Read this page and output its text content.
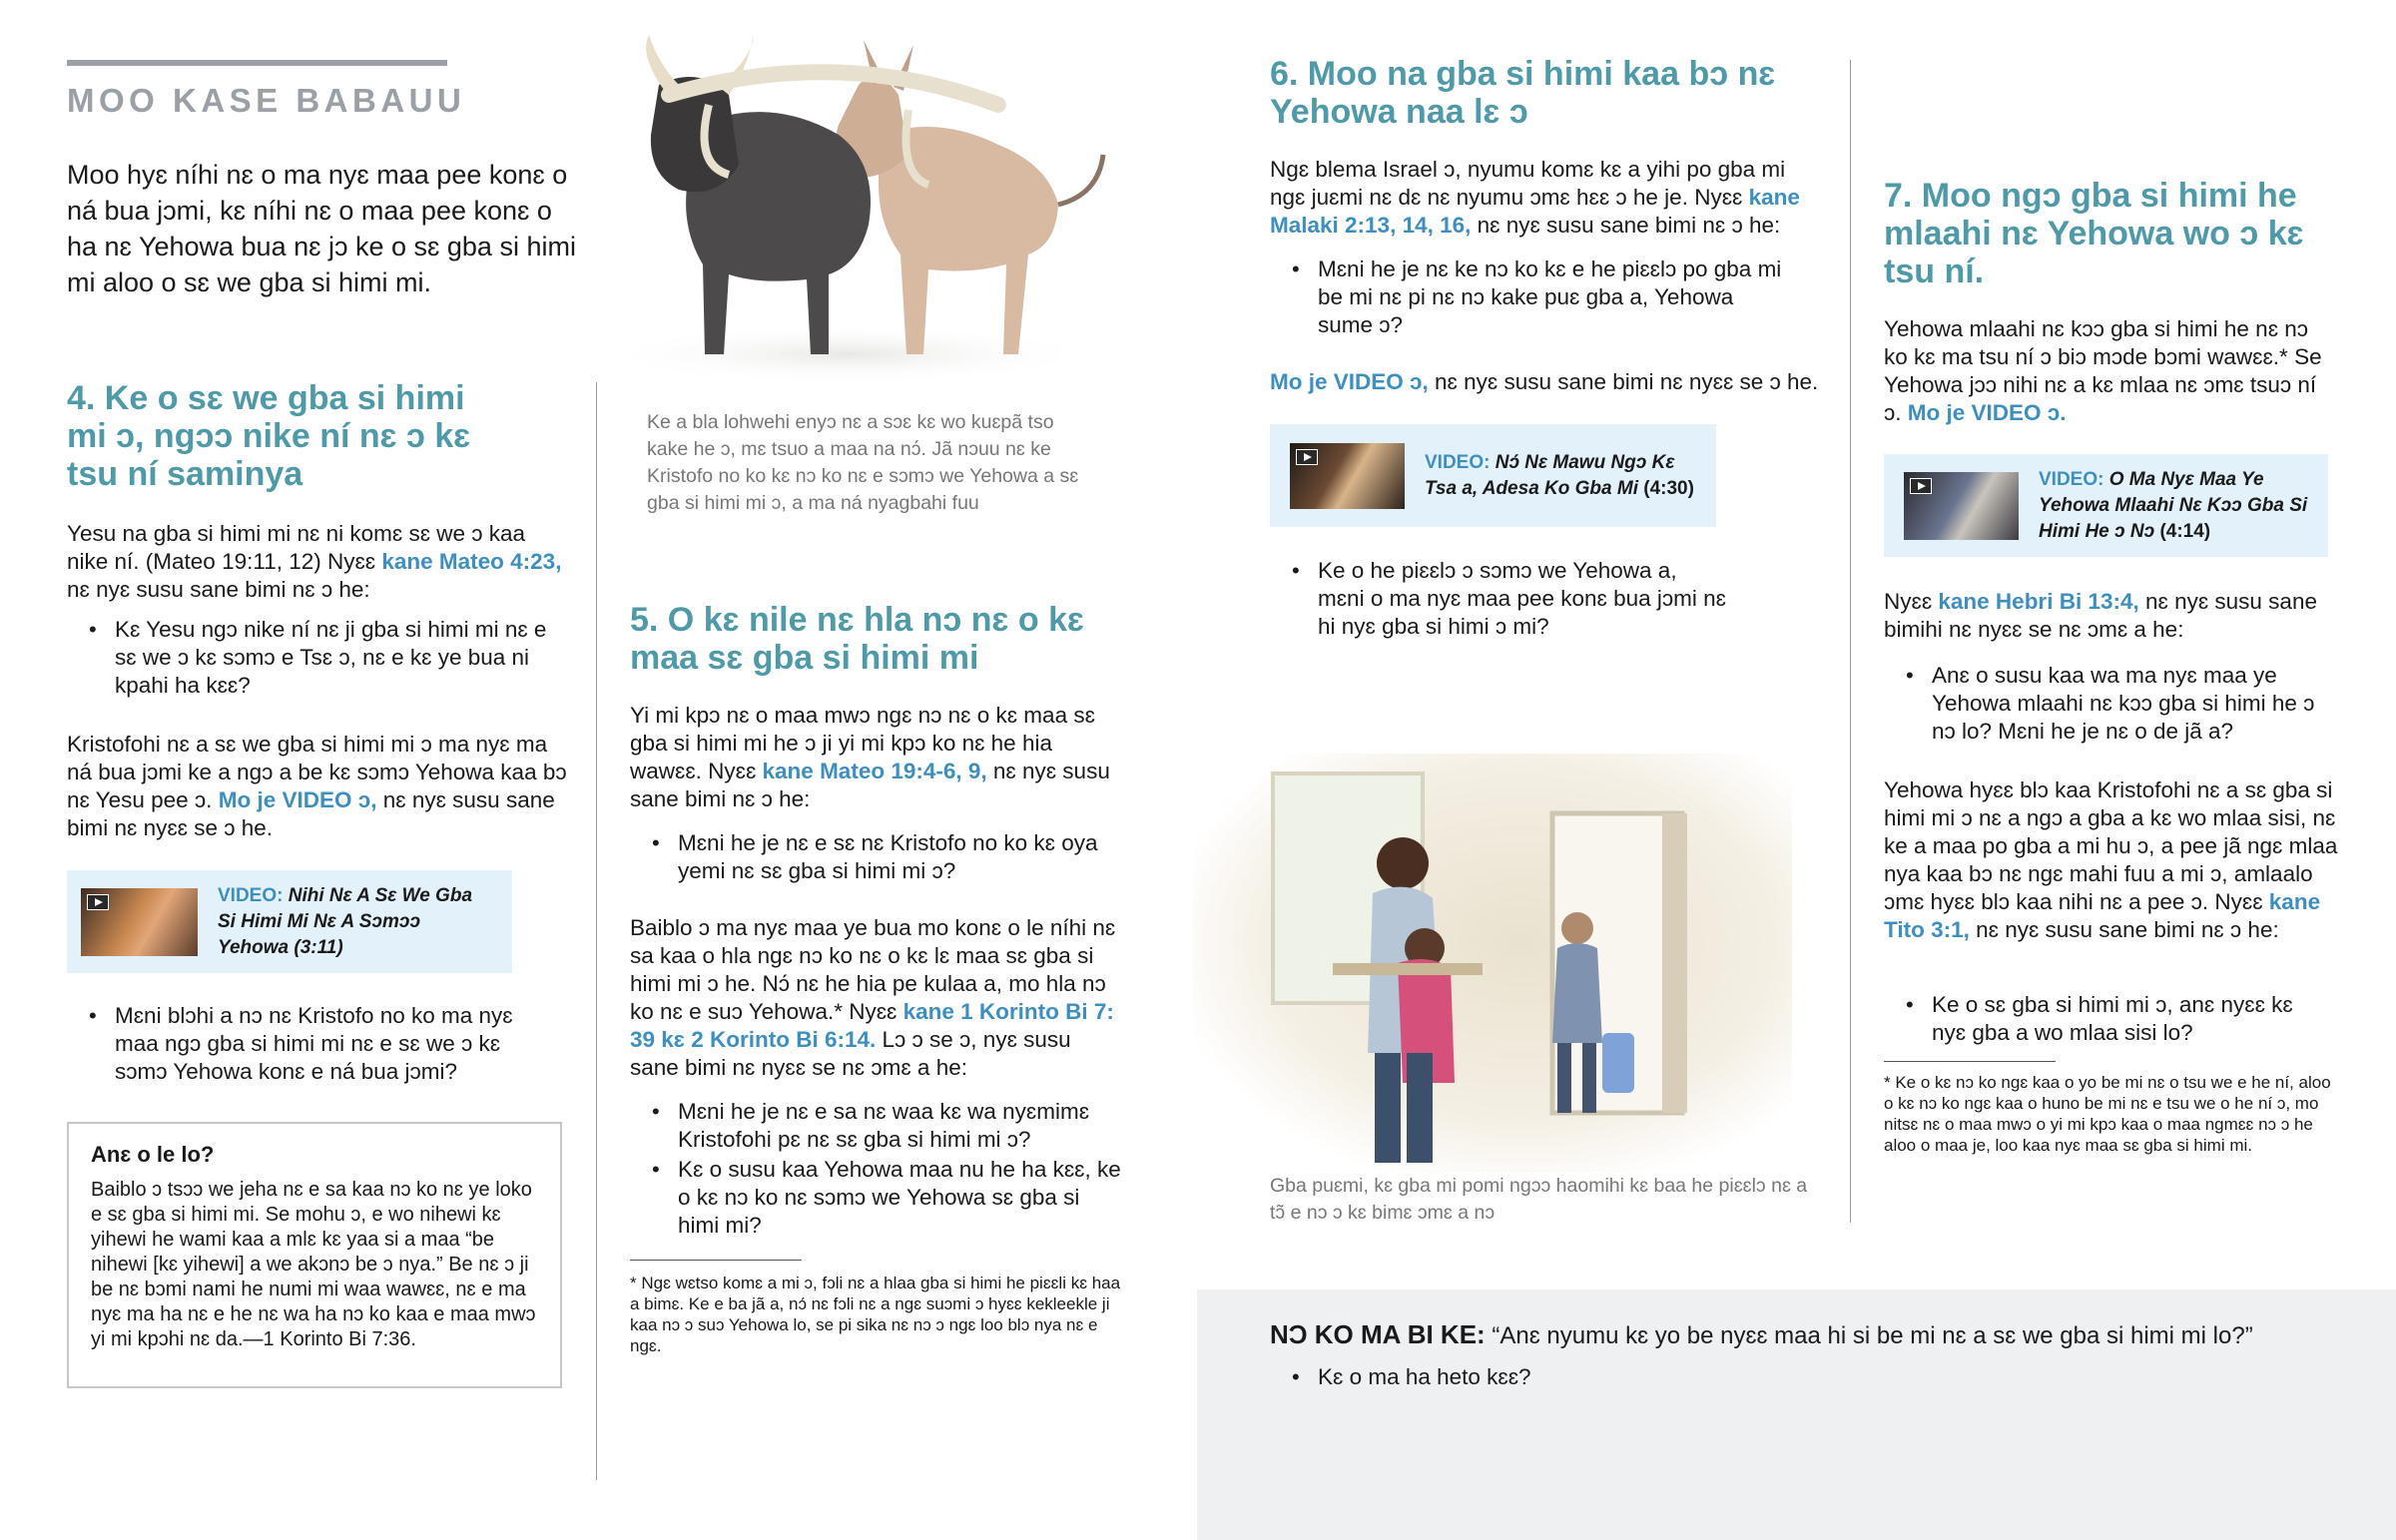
MOO KASE BABAUU

Moo hyɛ níhi nɛ o ma nyɛ maa pee konɛ o ná bua jɔmi, kɛ níhi nɛ o maa pee konɛ o ha nɛ Yehowa bua nɛ jɔ ke o sɛ gba si himi mi aloo o sɛ we gba si himi mi.

4. Ke o sɛ we gba si himi mi ɔ, ngɔɔ nike ní nɛ ɔ kɛ tsu ní saminya

Yesu na gba si himi mi nɛ ni komɛ sɛ we ɔ kaa nike ní. (Mateo 19:11, 12) Nyɛɛ kane Mateo 4:23, nɛ nyɛ susu sane bimi nɛ ɔ he:

• Kɛ Yesu ngɔ nike ní nɛ ji gba si himi mi nɛ e sɛ we ɔ kɛ sɔmɔ e Tsɛ ɔ, nɛ e kɛ ye bua ni kpahi ha kɛɛ?

Kristofohi nɛ a sɛ we gba si himi mi ɔ ma nyɛ ma ná bua jɔmi ke a ngɔ a be kɛ sɔmɔ Yehowa kaa bɔ nɛ Yesu pee ɔ. Mo je VIDEO ɔ, nɛ nyɛ susu sane bimi nɛ nyɛɛ se ɔ he.

VIDEO: Nihi Nɛ A Sɛ We Gba Si Himi Mi Nɛ A Sɔmɔɔ Yehowa (3:11)
• Mɛni blɔhi a nɔ nɛ Kristofo no ko ma nyɛ maa ngɔ gba si himi mi nɛ e sɛ we ɔ kɛ sɔmɔ Yehowa konɛ e ná bua jɔmi?
Anɛ o le lo?

Baiblo ɔ tsɔɔ we jeha nɛ e sa kaa nɔ ko nɛ ye loko e sɛ gba si himi mi. Se mohu ɔ, e wo nihewi kɛ yihewi he wami kaa a mlɛ kɛ yaa si a maa “be nihewi [kɛ yihewi] a we akɔnɔ be ɔ nya.” Be nɛ ɔ ji be nɛ bɔmi nami he numi mi waa wawɛɛ, nɛ e ma nyɛ ma ha nɛ e he nɛ wa ha nɔ ko kaa e maa mwɔ yi mi kpɔhi nɛ da.—1 Korinto Bi 7:36.

Ke a bla lohwehi enyɔ nɛ a sɔɛ kɛ wo kuɛpã tso kake he ɔ, mɛ tsuo a maa na nɔ́. Jã nɔuu nɛ ke Kristofo no ko kɛ nɔ ko nɛ e sɔmɔ we Yehowa a sɛ gba si himi mi ɔ, a ma ná nyagbahi fuu

5. O kɛ nile nɛ hla nɔ nɛ o kɛ maa sɛ gba si himi mi

Yi mi kpɔ nɛ o maa mwɔ ngɛ nɔ nɛ o kɛ maa sɛ gba si himi mi he ɔ ji yi mi kpɔ ko nɛ he hia wawɛɛ. Nyɛɛ kane Mateo 19:4-6, 9, nɛ nyɛ susu sane bimi nɛ ɔ he:

• Mɛni he je nɛ e sɛ nɛ Kristofo no ko kɛ oya yemi nɛ sɛ gba si himi mi ɔ?

Baiblo ɔ ma nyɛ maa ye bua mo konɛ o le níhi nɛ sa kaa o hla ngɛ nɔ ko nɛ o kɛ lɛ maa sɛ gba si himi mi ɔ he. Nɔ́ nɛ he hia pe kulaa a, mo hla nɔ ko nɛ e suɔ Yehowa.* Nyɛɛ kane 1 Korinto Bi 7: 39 kɛ 2 Korinto Bi 6:14. Lɔ ɔ se ɔ, nyɛ susu sane bimi nɛ nyɛɛ se nɛ ɔmɛ a he:

• Mɛni he je nɛ e sa nɛ waa kɛ wa nyɛmimɛ Kristofohi pɛ nɛ sɛ gba si himi mi ɔ?
• Kɛ o susu kaa Yehowa maa nu he ha kɛɛ, ke o kɛ nɔ ko nɛ sɔmɔ we Yehowa sɛ gba si himi mi?

* Ngɛ wɛtso komɛ a mi ɔ, fɔli nɛ a hlaa gba si himi he piɛɛli kɛ haa a bimɛ. Ke e ba jã a, nɔ́ nɛ fɔli nɛ a ngɛ suɔmi ɔ hyɛɛ kekleekle ji kaa nɔ ɔ suɔ Yehowa lo, se pi sika nɛ nɔ ɔ ngɛ loo blɔ nya nɛ e ngɛ.

6. Moo na gba si himi kaa bɔ nɛ Yehowa naa lɛ ɔ

Ngɛ blema Israel ɔ, nyumu komɛ kɛ a yihi po gba mi ngɛ juɛmi nɛ dɛ nɛ nyumu ɔmɛ hɛɛ ɔ he je. Nyɛɛ kane Malaki 2:13, 14, 16, nɛ nyɛ susu sane bimi nɛ ɔ he:

• Mɛni he je nɛ ke nɔ ko kɛ e he piɛɛlɔ po gba mi be mi nɛ pi nɛ nɔ kake puɛ gba a, Yehowa sume ɔ?

Mo je VIDEO ɔ, nɛ nyɛ susu sane bimi nɛ nyɛɛ se ɔ he.

VIDEO: Nɔ́ Nɛ Mawu Ngɔ Kɛ Tsa a, Adesa Ko Gba Mi (4:30)
• Ke o he piɛɛlɔ ɔ sɔmɔ we Yehowa a, mɛni o ma nyɛ maa pee konɛ bua jɔmi nɛ hi nyɛ gba si himi ɔ mi?

Gba puɛmi, kɛ gba mi pomi ngɔɔ haomihi kɛ baa he piɛɛlɔ nɛ a tɔ̃ e nɔ ɔ kɛ bimɛ ɔmɛ a nɔ

7. Moo ngɔ gba si himi he mlaahi nɛ Yehowa wo ɔ kɛ tsu ní.

Yehowa mlaahi nɛ kɔɔ gba si himi he nɛ nɔ ko kɛ ma tsu ní ɔ biɔ mɔde bɔmi wawɛɛ.* Se Yehowa jɔɔ nihi nɛ a kɛ mlaa nɛ ɔmɛ tsuɔ ní ɔ. Mo je VIDEO ɔ.

VIDEO: O Ma Nyɛ Maa Ye Yehowa Mlaahi Nɛ Kɔɔ Gba Si Himi He ɔ Nɔ (4:14)

Nyɛɛ kane Hebri Bi 13:4, nɛ nyɛ susu sane bimihi nɛ nyɛɛ se nɛ ɔmɛ a he:

• Anɛ o susu kaa wa ma nyɛ maa ye Yehowa mlaahi nɛ kɔɔ gba si himi he ɔ nɔ lo? Mɛni he je nɛ o de jã a?

Yehowa hyɛɛ blɔ kaa Kristofohi nɛ a sɛ gba si himi mi ɔ nɛ a ngɔ a gba a kɛ wo mlaa sisi, nɛ ke a maa po gba a mi hu ɔ, a pee jã ngɛ mlaa nya kaa bɔ nɛ ngɛ mahi fuu a mi ɔ, amlaalo ɔmɛ hyɛɛ blɔ kaa nihi nɛ a pee ɔ. Nyɛɛ kane Tito 3:1, nɛ nyɛ susu sane bimi nɛ ɔ he:

• Ke o sɛ gba si himi mi ɔ, anɛ nyɛɛ kɛ nyɛ gba a wo mlaa sisi lo?

* Ke o kɛ nɔ ko ngɛ kaa o yo be mi nɛ o tsu we e he ní, aloo o kɛ nɔ ko ngɛ kaa o huno be mi nɛ e tsu we o he ní ɔ, mo nitsɛ nɛ o maa mwɔ o yi mi kpɔ kaa o maa ngmɛɛ nɔ ɔ he aloo o maa je, loo kaa nyɛ maa sɛ gba si himi mi.

NƆ KO MA BI KE: “Anɛ nyumu kɛ yo be nyɛɛ maa hi si be mi nɛ a sɛ we gba si himi mi lo?”

• Kɛ o ma ha heto kɛɛ?
